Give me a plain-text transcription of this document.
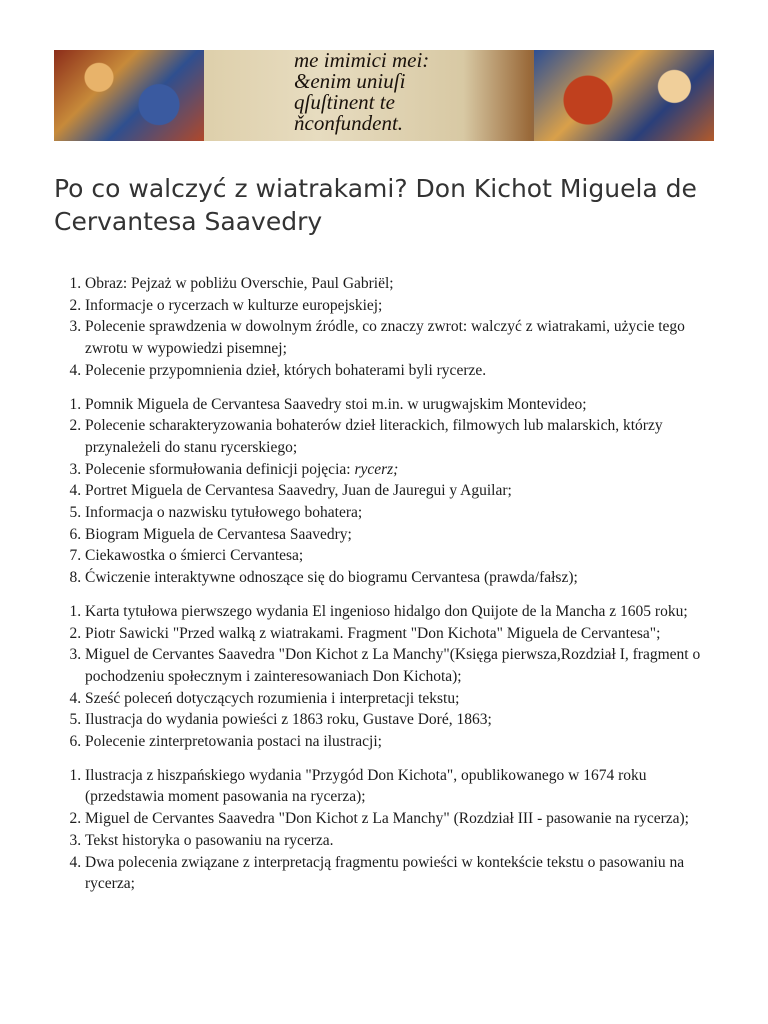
me imimici mei:
&enim uniuſi
qſuſtinent te
ňconfundent.
Po co walczyć z wiatrakami? Don Kichot Miguela de Cervantesa Saavedry
1. Obraz: Pejzaż w pobliżu Overschie, Paul Gabriël;
2. Informacje o rycerzach w kulturze europejskiej;
3. Polecenie sprawdzenia w dowolnym źródle, co znaczy zwrot: walczyć z wiatrakami, użycie tego zwrotu w wypowiedzi pisemnej;
4. Polecenie przypomnienia dzieł, których bohaterami byli rycerze.
1. Pomnik Miguela de Cervantesa Saavedry stoi m.in. w urugwajskim Montevideo;
2. Polecenie scharakteryzowania bohaterów dzieł literackich, filmowych lub malarskich, którzy przynależeli do stanu rycerskiego;
3. Polecenie sformułowania definicji pojęcia: rycerz;
4. Portret Miguela de Cervantesa Saavedry, Juan de Jauregui y Aguilar;
5. Informacja o nazwisku tytułowego bohatera;
6. Biogram Miguela de Cervantesa Saavedry;
7. Ciekawostka o śmierci Cervantesa;
8. Ćwiczenie interaktywne odnoszące się do biogramu Cervantesa (prawda/fałsz);
1. Karta tytułowa pierwszego wydania El ingenioso hidalgo don Quijote de la Mancha z 1605 roku;
2. Piotr Sawicki "Przed walką z wiatrakami. Fragment "Don Kichota" Miguela de Cervantesa";
3. Miguel de Cervantes Saavedra "Don Kichot z La Manchy"(Księga pierwsza,Rozdział I, fragment o pochodzeniu społecznym i zainteresowaniach Don Kichota);
4. Sześć poleceń dotyczących rozumienia i interpretacji tekstu;
5. Ilustracja do wydania powieści z 1863 roku, Gustave Doré, 1863;
6. Polecenie zinterpretowania postaci na ilustracji;
1. Ilustracja z hiszpańskiego wydania "Przygód Don Kichota", opublikowanego w 1674 roku (przedstawia moment pasowania na rycerza);
2. Miguel de Cervantes Saavedra "Don Kichot z La Manchy" (Rozdział III - pasowanie na rycerza);
3. Tekst historyka o pasowaniu na rycerza.
4. Dwa polecenia związane z interpretacją fragmentu powieści w kontekście tekstu o pasowaniu na rycerza;
